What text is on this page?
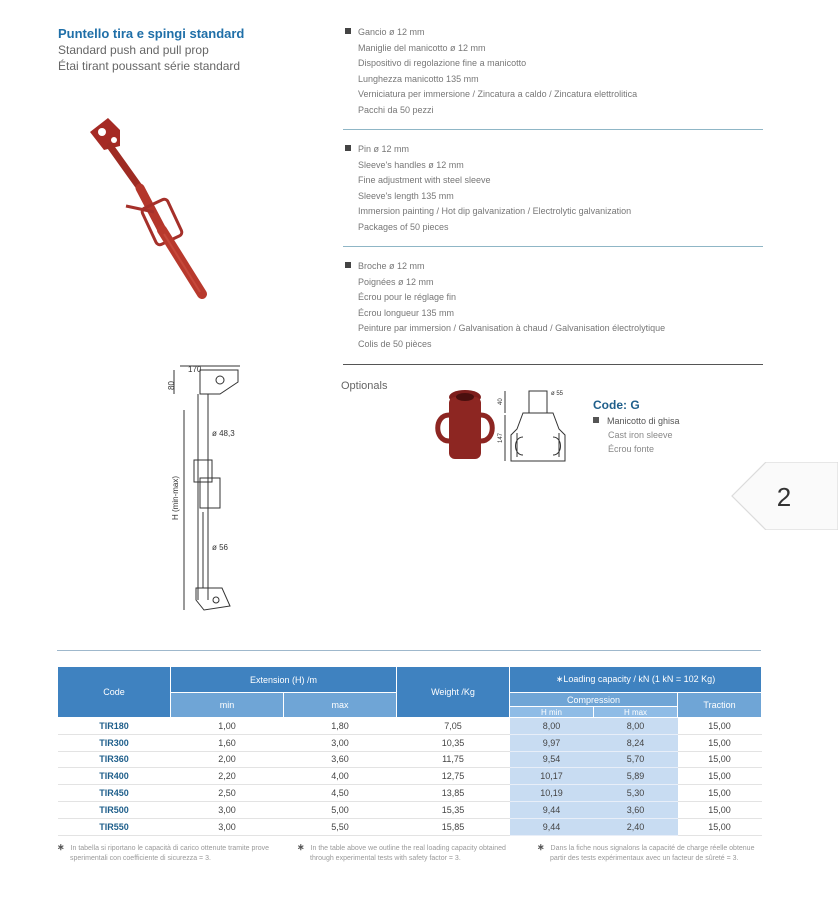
Puntello tira e spingi standard
Standard push and pull prop
Étai tirant poussant série standard
Gancio ø 12 mm
Maniglie del manicotto ø 12 mm
Dispositivo di regolazione fine a manicotto
Lunghezza manicotto 135 mm
Verniciatura per immersione / Zincatura a caldo / Zincatura elettrolitica
Pacchi da 50 pezzi
Pin ø 12 mm
Sleeve's handles ø 12 mm
Fine adjustment with steel sleeve
Sleeve's length 135 mm
Immersion painting / Hot dip galvanization / Electrolytic galvanization
Packages of 50 pieces
Broche ø 12 mm
Poignées ø 12 mm
Écrou pour le réglage fin
Écrou longueur 135 mm
Peinture par immersion / Galvanisation à chaud / Galvanisation électrolytique
Colis de 50 pièces
170
80
ø 48,3
ø 56
H (min-max)
Optionals
ø 55
40
147
Code: G
Manicotto di ghisa
Cast iron sleeve
Écrou fonte
2
Code	Extension (H) /m		Weight /Kg	∗Loading capacity / kN (1 kN = 102 Kg)		
	min	max		Compression		Traction
				H min	H max	
TIR180	1,00	1,80	7,05	8,00	8,00	15,00
TIR300	1,60	3,00	10,35	9,97	8,24	15,00
TIR360	2,00	3,60	11,75	9,54	5,70	15,00
TIR400	2,20	4,00	12,75	10,17	5,89	15,00
TIR450	2,50	4,50	13,85	10,19	5,30	15,00
TIR500	3,00	5,00	15,35	9,44	3,60	15,00
TIR550	3,00	5,50	15,85	9,44	2,40	15,00
∗ In tabella si riportano le capacità di carico ottenute tramite prove
sperimentali con coefficiente di sicurezza = 3.
∗ In the table above we outline the real loading capacity obtained
through experimental tests with safety factor = 3.
∗ Dans la fiche nous signalons la capacité de charge réelle obtenue
partir des tests expérimentaux avec un facteur de sûreté = 3.
